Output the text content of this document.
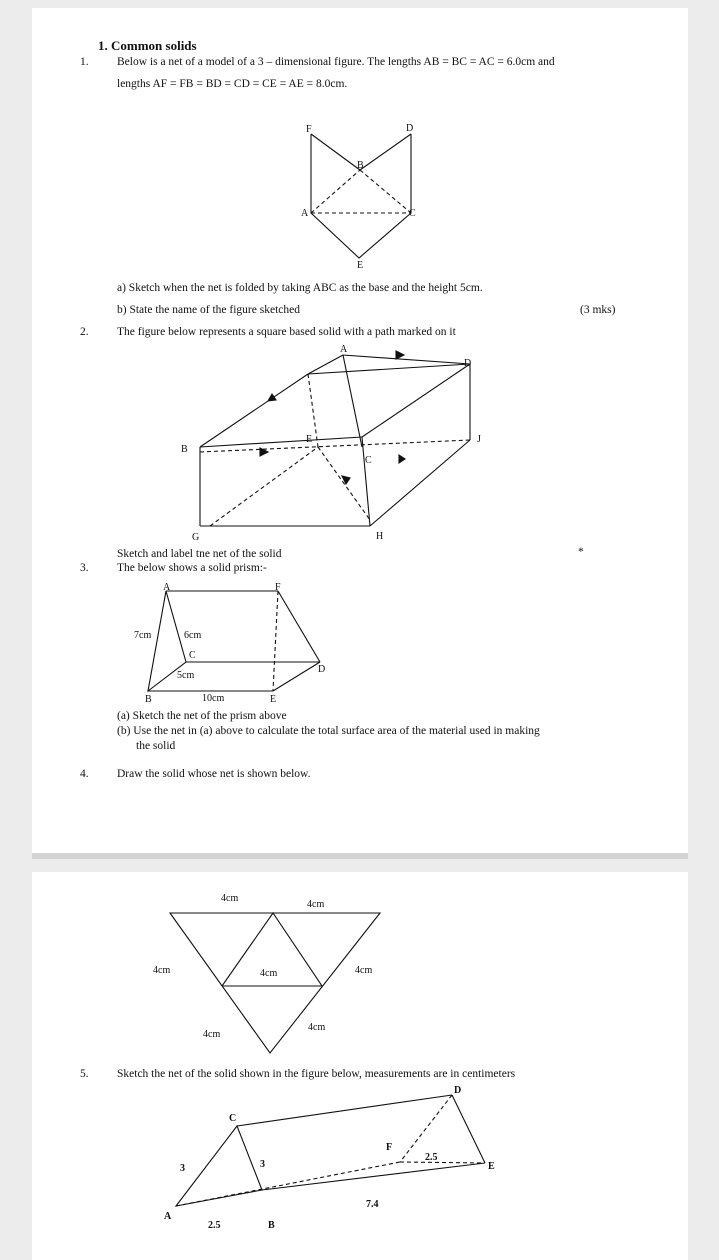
1. Common solids
1. Below is a net of a model of a 3 – dimensional figure. The lengths AB = BC = AC = 6.0cm and
lengths AF = FB = BD = CD = CE = AE = 8.0cm.
F	D
B
A	C
E
a) Sketch when the net is folded by taking ABC as the base and the height 5cm.
b) State the name of the figure sketched	(3 mks)
2. The figure below represents a square based solid with a path marked on it
A
D
B
E
C
J
G	H
Sketch and label tne net of the solid	*
3. The below shows a solid prism:-
A	F
C
D
B	E
7cm	6cm
5cm
10cm
(a) Sketch the net of the prism above
(b) Use the net in (a) above to calculate the total surface area of the material used in making
the solid
4. Draw the solid whose net is shown below.
4cm
4cm
4cm	4cm	4cm
4cm
4cm
5. Sketch the net of the solid shown in the figure below, measurements are in centimeters
D
C
F
E
A
B
3	3
2.5
7.4
2.5
